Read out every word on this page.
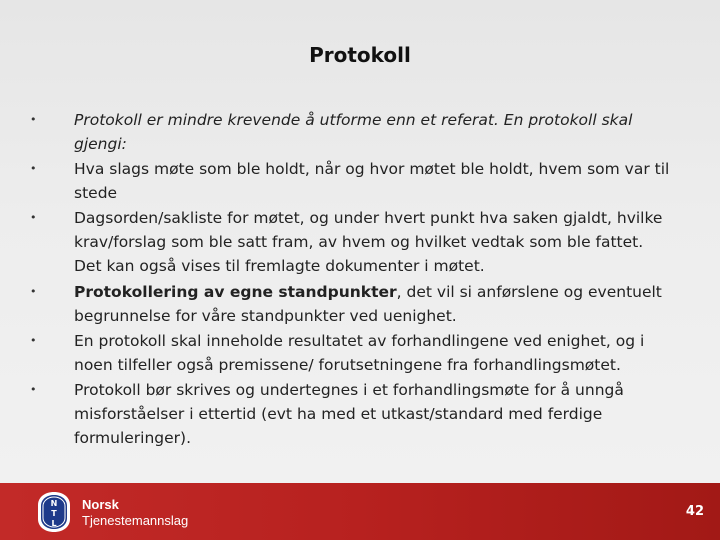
Protokoll
• Protokoll er mindre krevende å utforme enn et referat. En protokoll skal gjengi:
• Hva slags møte som ble holdt, når og hvor møtet ble holdt, hvem som var til stede
• Dagsorden/sakliste for møtet, og under hvert punkt hva saken gjaldt, hvilke krav/forslag som ble satt fram, av hvem og hvilket vedtak som ble fattet. Det kan også vises til fremlagte dokumenter i møtet.
• Protokollering av egne standpunkter, det vil si anførslene og eventuelt begrunnelse for våre standpunkter ved uenighet.
• En protokoll skal inneholde resultatet av forhandlingene ved enighet, og i noen tilfeller også premissene/ forutsetningene fra forhandlingsmøtet.
• Protokoll bør skrives og undertegnes i et forhandlingsmøte for å unngå misforståelser i ettertid (evt ha med et utkast/standard med ferdige formuleringer).
N
T
L
Norsk
Tjenestemannslag
42
